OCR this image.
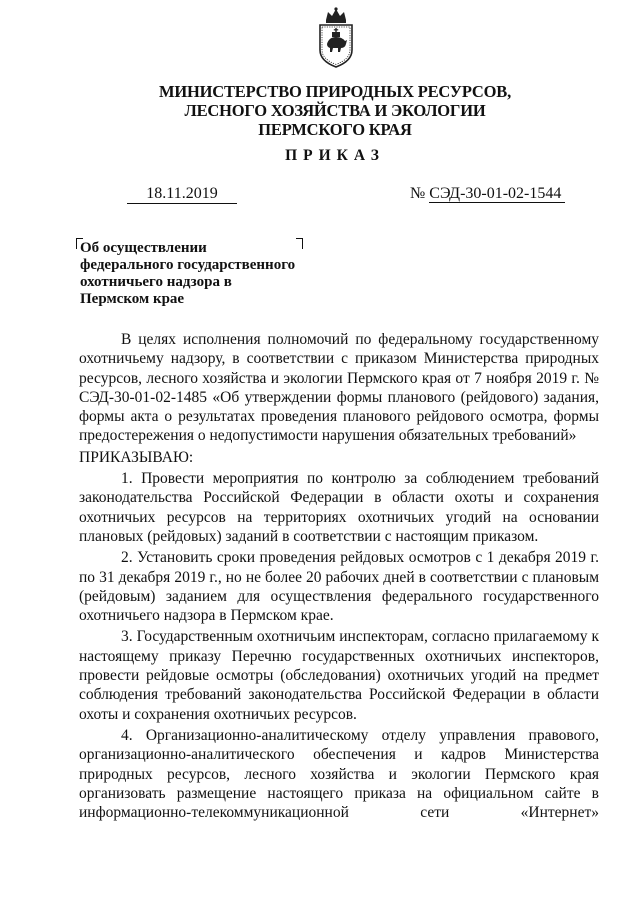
МИНИСТЕРСТВО ПРИРОДНЫХ РЕСУРСОВ,
ЛЕСНОГО ХОЗЯЙСТВА И ЭКОЛОГИИ
ПЕРМСКОГО КРАЯ
ПРИКАЗ
18.11.2019	№ СЭД-30-01-02-1544
Об осуществлении
федерального государственного
охотничьего надзора в
Пермском крае

В целях исполнения полномочий по федеральному государственному охотничьему надзору, в соответствии с приказом Министерства природных ресурсов, лесного хозяйства и экологии Пермского края от 7 ноября 2019 г. № СЭД-30-01-02-1485 «Об утверждении формы планового (рейдового) задания, формы акта о результатах проведения планового рейдового осмотра, формы предостережения о недопустимости нарушения обязательных требований»

ПРИКАЗЫВАЮ:

1. Провести мероприятия по контролю за соблюдением требований законодательства Российской Федерации в области охоты и сохранения охотничьих ресурсов на территориях охотничьих угодий на основании плановых (рейдовых) заданий в соответствии с настоящим приказом.

2. Установить сроки проведения рейдовых осмотров с 1 декабря 2019 г. по 31 декабря 2019 г., но не более 20 рабочих дней в соответствии с плановым (рейдовым) заданием для осуществления федерального государственного охотничьего надзора в Пермском крае.

3. Государственным охотничьим инспекторам, согласно прилагаемому к настоящему приказу Перечню государственных охотничьих инспекторов, провести рейдовые осмотры (обследования) охотничьих угодий на предмет соблюдения требований законодательства Российской Федерации в области охоты и сохранения охотничьих ресурсов.

4. Организационно-аналитическому отделу управления правового, организационно-аналитического обеспечения и кадров Министерства природных ресурсов, лесного хозяйства и экологии Пермского края организовать размещение настоящего приказа на официальном сайте в информационно-телекоммуникационной сети «Интернет»
